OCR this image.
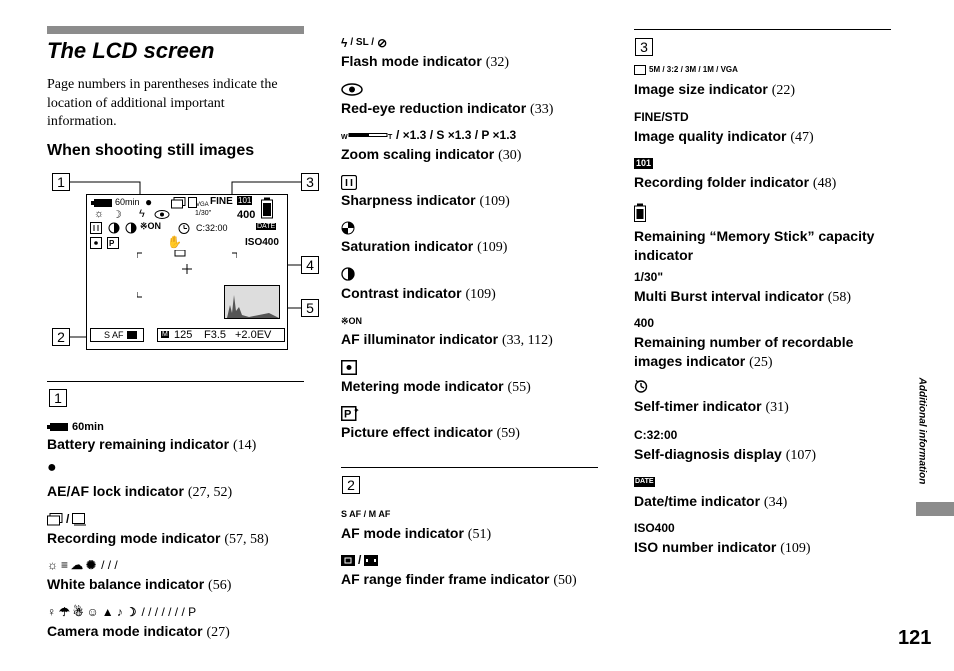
The LCD screen
Page numbers in parentheses indicate the location of additional important information.
When shooting still images
1
2
3
4
5
60min ●	VGA FINE 101
☼ ☽ ϟ	1/30" 400
※ON	C:32:00	DATE
P	✋	ISO400
S AF	M 125 F3.5 +2.0EV
1
60min
Battery remaining indicator (14)
●
AE/AF lock indicator (27, 52)
/
Recording mode indicator (57, 58)
☼ ≡ ☁ ✺ / / /
White balance indicator (56)
♀ ☂ ☃ ☺ ▲ ♪ ☽ / / / / / / / P
Camera mode indicator (27)
ϟ / SL / ⊘
Flash mode indicator (32)
Red-eye reduction indicator (33)
W	T / ×1.3 / S ×1.3 / P ×1.3
Zoom scaling indicator (30)
Sharpness indicator (109)
Saturation indicator (109)
Contrast indicator (109)
※ON
AF illuminator indicator (33, 112)
Metering mode indicator (55)
P ✦
Picture effect indicator (59)
2
S AF / M AF
AF mode indicator (51)
/
AF range finder frame indicator (50)
3
5M / 3:2 / 3M / 1M / VGA
Image size indicator (22)
FINE/STD
Image quality indicator (47)
101
Recording folder indicator (48)
Remaining “Memory Stick” capacity indicator
1/30"
Multi Burst interval indicator (58)
400
Remaining number of recordable images indicator (25)
Self-timer indicator (31)
C:32:00
Self-diagnosis display (107)
DATE
Date/time indicator (34)
ISO400
ISO number indicator (109)
Additional information
121
